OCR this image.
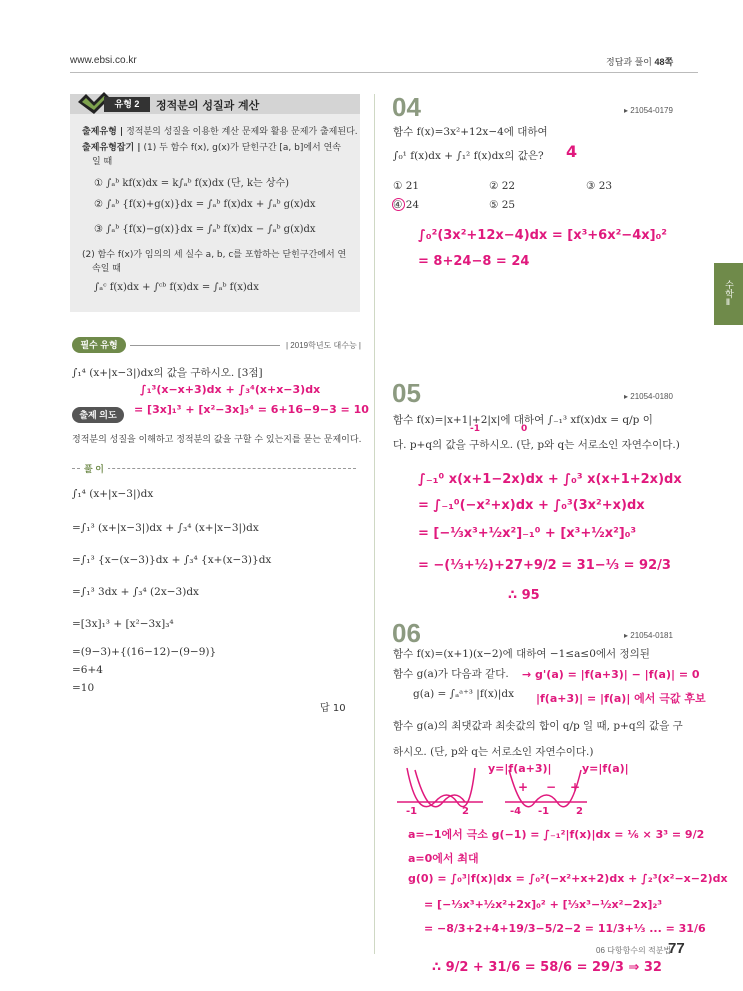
www.ebsi.co.kr	정답과 풀이 48쪽
수학Ⅱ
유형 2	정적분의 성질과 계산
출제유형 | 정적분의 성질을 이용한 계산 문제와 활용 문제가 출제된다.
출제유형잡기 | (1) 두 함수 f(x), g(x)가 닫힌구간 [a, b]에서 연속
일 때
① ∫ₐᵇ kf(x)dx = k∫ₐᵇ f(x)dx (단, k는 상수)
② ∫ₐᵇ {f(x)+g(x)}dx = ∫ₐᵇ f(x)dx + ∫ₐᵇ g(x)dx
③ ∫ₐᵇ {f(x)−g(x)}dx = ∫ₐᵇ f(x)dx − ∫ₐᵇ g(x)dx
(2) 함수 f(x)가 임의의 세 실수 a, b, c를 포함하는 닫힌구간에서 연
속일 때
∫ₐᶜ f(x)dx + ∫ᶜᵇ f(x)dx = ∫ₐᵇ f(x)dx
필수 유형	| 2019학년도 대수능 |
∫₁⁴ (x+|x−3|)dx의 값을 구하시오. [3점]
출제 의도
정적분의 성질을 이해하고 정적분의 값을 구할 수 있는지를 묻는 문제이다.
∫₁³(x−x+3)dx + ∫₃⁴(x+x−3)dx
= [3x]₁³ + [x²−3x]₃⁴ = 6+16−9−3 = 10
풀 이
∫₁⁴ (x+|x−3|)dx
=∫₁³ (x+|x−3|)dx + ∫₃⁴ (x+|x−3|)dx
=∫₁³ {x−(x−3)}dx + ∫₃⁴ {x+(x−3)}dx
=∫₁³ 3dx + ∫₃⁴ (2x−3)dx
=[3x]₁³ + [x²−3x]₃⁴
=(9−3)+{(16−12)−(9−9)}
=6+4
=10
답 10
04	▸ 21054-0179
함수 f(x)=3x²+12x−4에 대하여
∫₀¹ f(x)dx + ∫₁² f(x)dx의 값은? 4
① 21	② 22	③ 23
④ 24	⑤ 25
∫₀²(3x²+12x−4)dx = [x³+6x²−4x]₀²
= 8+24−8 = 24
05	▸ 21054-0180
함수 f(x)=|x+1|+2|x|에 대하여 ∫₋₁³ xf(x)dx = q/p 이
-1	0
다. p+q의 값을 구하시오. (단, p와 q는 서로소인 자연수이다.)
∫₋₁⁰ x(x+1−2x)dx + ∫₀³ x(x+1+2x)dx
= ∫₋₁⁰(−x²+x)dx + ∫₀³(3x²+x)dx
= [−⅓x³+½x²]₋₁⁰ + [x³+½x²]₀³
= −(⅓+½)+27+9/2 = 31−⅓ = 92/3
∴ 95
06	▸ 21054-0181
함수 f(x)=(x+1)(x−2)에 대하여 −1≤a≤0에서 정의된
함수 g(a)가 다음과 같다.
g(a) = ∫ₐᵃ⁺³ |f(x)|dx
함수 g(a)의 최댓값과 최솟값의 합이 q/p 일 때, p+q의 값을 구
하시오. (단, p와 q는 서로소인 자연수이다.)
→ g'(a) = |f(a+3)| − |f(a)| = 0
|f(a+3)| = |f(a)| 에서 극값 후보
y=|f(a+3)|	y=|f(a)|
-1	2	-4 -1	2
+ − +
a=−1에서 극소 g(−1) = ∫₋₁²|f(x)|dx = ⅙ × 3³ = 9/2
a=0에서 최대
g(0) = ∫₀³|f(x)|dx = ∫₀²(−x²+x+2)dx + ∫₂³(x²−x−2)dx
= [−⅓x³+½x²+2x]₀² + [⅓x³−½x²−2x]₂³
= −8/3+2+4+19/3−5/2−2 = 11/3+⅓ ... = 31/6
∴ 9/2 + 31/6 = 58/6 = 29/3 ⇒ 32
06 다항함수의 적분법
77
